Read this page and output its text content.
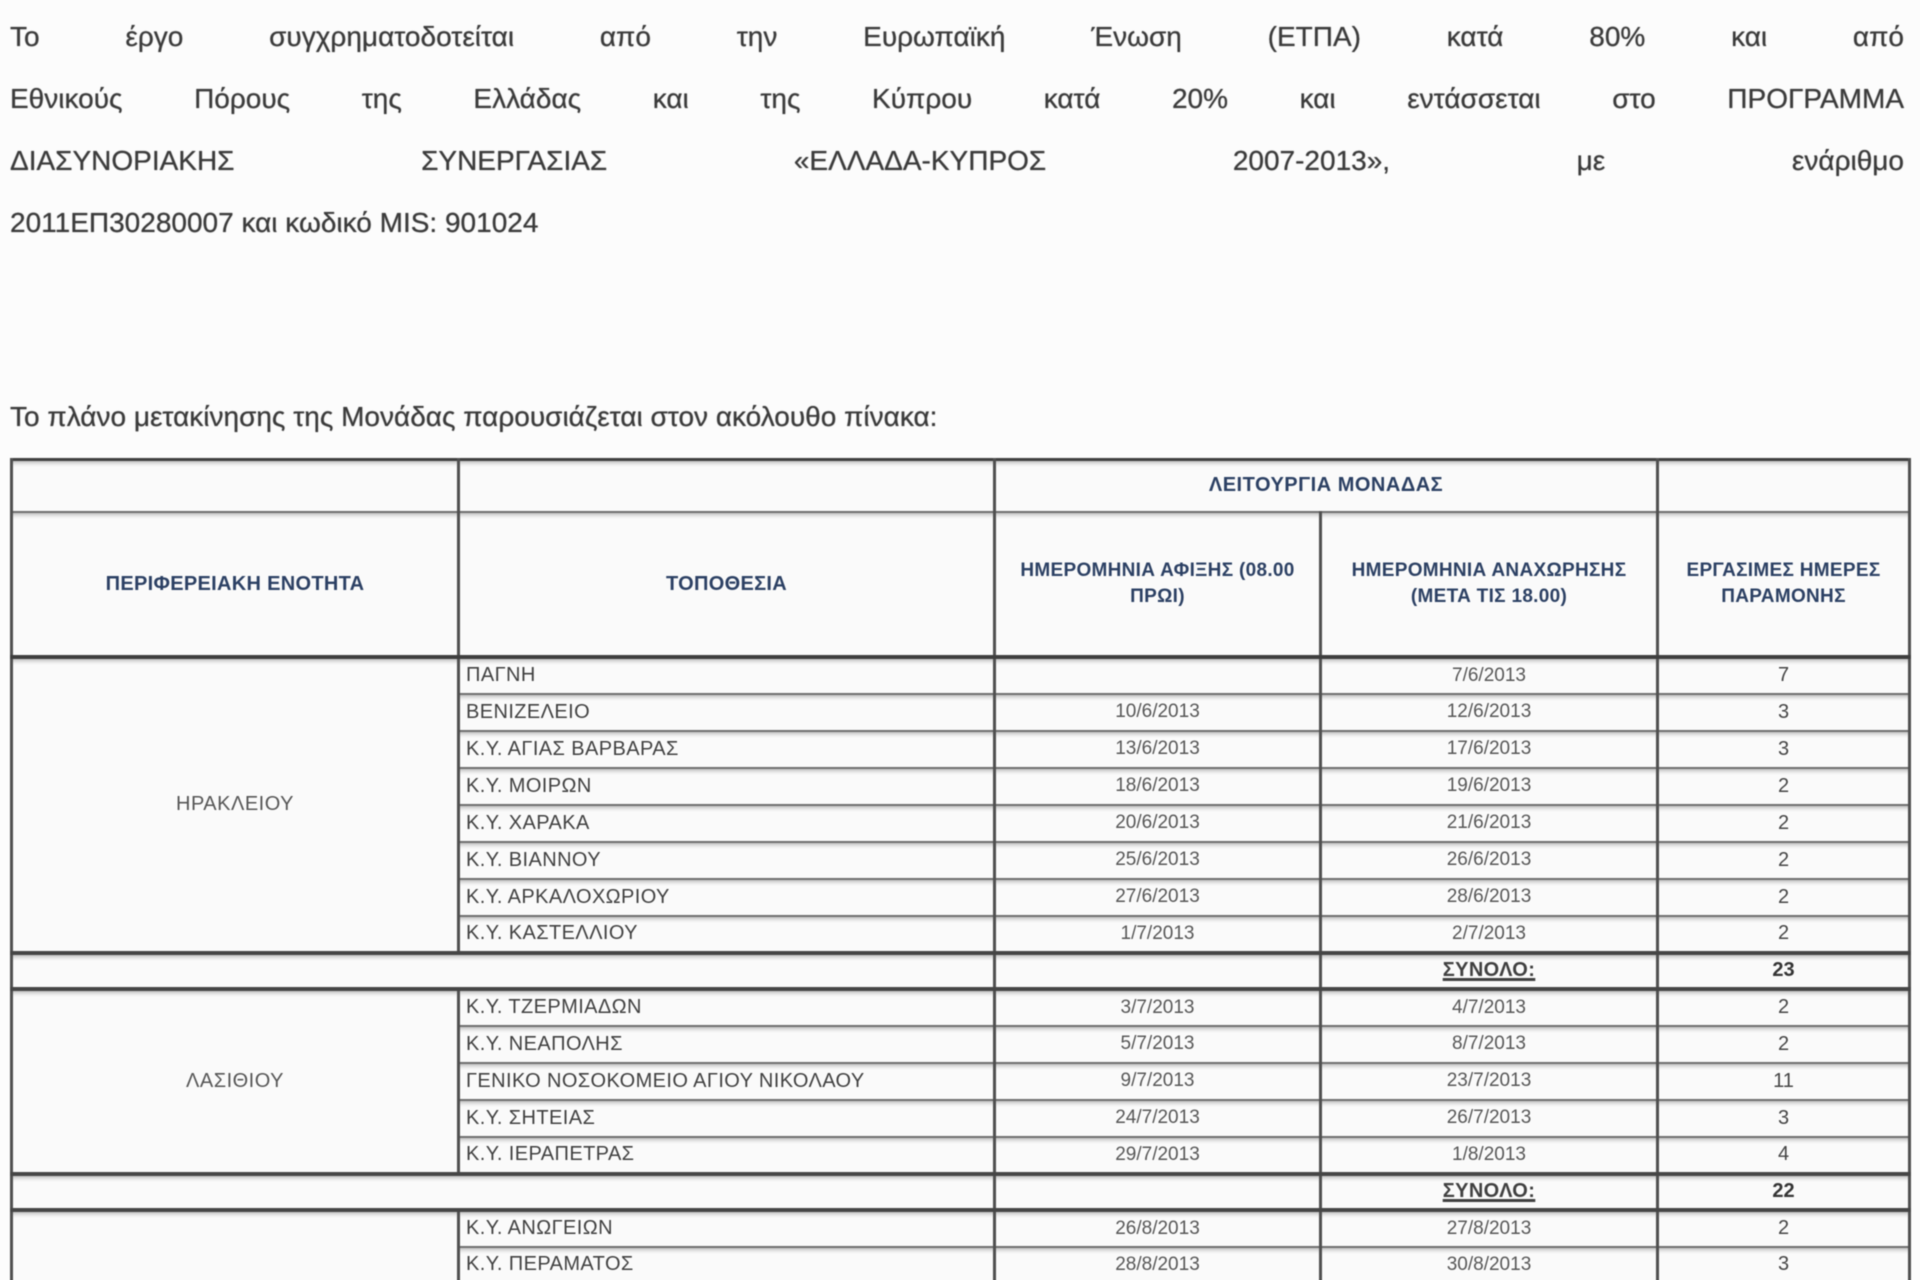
Το έργο συγχρηματοδοτείται από την Ευρωπαϊκή Ένωση (ΕΤΠΑ) κατά 80% και από
Εθνικούς Πόρους της Ελλάδας και της Κύπρου κατά 20% και εντάσσεται στο ΠΡΟΓΡΑΜΜΑ
ΔΙΑΣΥΝΟΡΙΑΚΗΣ ΣΥΝΕΡΓΑΣΙΑΣ «ΕΛΛΑΔΑ-ΚΥΠΡΟΣ 2007-2013», με ενάριθμο
2011ΕΠ30280007 και κωδικό MIS: 901024
Το πλάνο μετακίνησης της Μονάδας παρουσιάζεται στον ακόλουθο πίνακα:
		ΛΕΙΤΟΥΡΓΙΑ ΜΟΝΑΔΑΣ		
ΠΕΡΙΦΕΡΕΙΑΚΗ ΕΝΟΤΗΤΑ	ΤΟΠΟΘΕΣΙΑ	ΗΜΕΡΟΜΗΝΙΑ ΑΦΙΞΗΣ (08.00 ΠΡΩΙ)	ΗΜΕΡΟΜΗΝΙΑ ΑΝΑΧΩΡΗΣΗΣ (ΜΕΤΑ ΤΙΣ 18.00)	ΕΡΓΑΣΙΜΕΣ ΗΜΕΡΕΣ ΠΑΡΑΜΟΝΗΣ
ΗΡΑΚΛΕΙΟΥ	ΠΑΓΝΗ		7/6/2013	7
	ΒΕΝΙΖΕΛΕΙΟ	10/6/2013	12/6/2013	3
	Κ.Υ. ΑΓΙΑΣ ΒΑΡΒΑΡΑΣ	13/6/2013	17/6/2013	3
	Κ.Υ. ΜΟΙΡΩΝ	18/6/2013	19/6/2013	2
	Κ.Υ. ΧΑΡΑΚΑ	20/6/2013	21/6/2013	2
	Κ.Υ. ΒΙΑΝΝΟΥ	25/6/2013	26/6/2013	2
	Κ.Υ. ΑΡΚΑΛΟΧΩΡΙΟΥ	27/6/2013	28/6/2013	2
	Κ.Υ. ΚΑΣΤΕΛΛΙΟΥ	1/7/2013	2/7/2013	2
			ΣΥΝΟΛΟ:	23
ΛΑΣΙΘΙΟΥ	Κ.Υ. ΤΖΕΡΜΙΑΔΩΝ	3/7/2013	4/7/2013	2
	Κ.Υ. ΝΕΑΠΟΛΗΣ	5/7/2013	8/7/2013	2
	ΓΕΝΙΚΟ ΝΟΣΟΚΟΜΕΙΟ ΑΓΙΟΥ ΝΙΚΟΛΑΟΥ	9/7/2013	23/7/2013	11
	Κ.Υ. ΣΗΤΕΙΑΣ	24/7/2013	26/7/2013	3
	Κ.Υ. ΙΕΡΑΠΕΤΡΑΣ	29/7/2013	1/8/2013	4
			ΣΥΝΟΛΟ:	22
	Κ.Υ. ΑΝΩΓΕΙΩΝ	26/8/2013	27/8/2013	2
	Κ.Υ. ΠΕΡΑΜΑΤΟΣ	28/8/2013	30/8/2013	3
